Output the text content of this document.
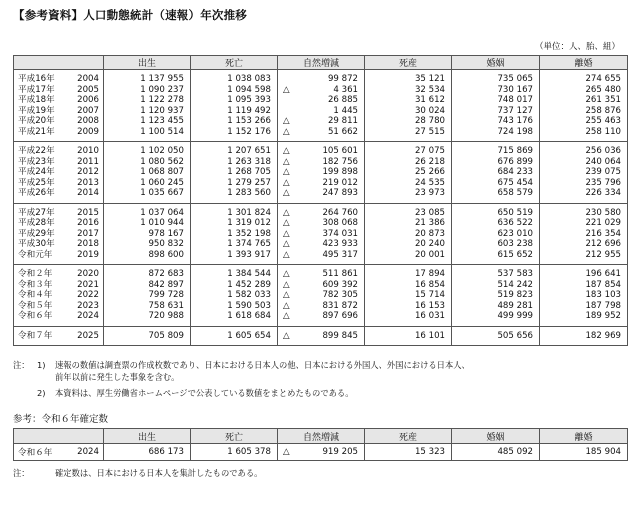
【参考資料】人口動態統計（速報）年次推移
（単位：人、胎、組）
		出生	死亡	自然増減		死産	婚姻	離婚
平成16年	2004	1 137 955	1 038 083		99 872	35 121	735 065	274 655
平成17年	2005	1 090 237	1 094 598	△	4 361	32 534	730 167	265 480
平成18年	2006	1 122 278	1 095 393		26 885	31 612	748 017	261 351
平成19年	2007	1 120 937	1 119 492		1 445	30 024	737 127	258 876
平成20年	2008	1 123 455	1 153 266	△	29 811	28 780	743 176	255 463
平成21年	2009	1 100 514	1 152 176	△	51 662	27 515	724 198	258 110
平成22年	2010	1 102 050	1 207 651	△	105 601	27 075	715 869	256 036
平成23年	2011	1 080 562	1 263 318	△	182 756	26 218	676 899	240 064
平成24年	2012	1 068 807	1 268 705	△	199 898	25 266	684 233	239 075
平成25年	2013	1 060 245	1 279 257	△	219 012	24 535	675 454	235 796
平成26年	2014	1 035 667	1 283 560	△	247 893	23 973	658 579	226 334
平成27年	2015	1 037 064	1 301 824	△	264 760	23 085	650 519	230 580
平成28年	2016	1 010 944	1 319 012	△	308 068	21 386	636 522	221 029
平成29年	2017	978 167	1 352 198	△	374 031	20 873	623 010	216 354
平成30年	2018	950 832	1 374 765	△	423 933	20 240	603 238	212 696
令和元年	2019	898 600	1 393 917	△	495 317	20 001	615 652	212 955
令和２年	2020	872 683	1 384 544	△	511 861	17 894	537 583	196 641
令和３年	2021	842 897	1 452 289	△	609 392	16 854	514 242	187 854
令和４年	2022	799 728	1 582 033	△	782 305	15 714	519 823	183 103
令和５年	2023	758 631	1 590 503	△	831 872	16 153	489 281	187 798
令和６年	2024	720 988	1 618 684	△	897 696	16 031	499 999	189 952
令和７年	2025	705 809	1 605 654	△	899 845	16 101	505 656	182 969
注： 1)	速報の数値は調査票の作成枚数であり、日本における日本人の他、日本における外国人、外国における日本人、
前年以前に発生した事象を含む。
2)	本資料は、厚生労働省ホームページで公表している数値をまとめたものである。
参考：令和６年確定数
		出生	死亡	自然増減		死産	婚姻	離婚
令和６年	2024	686 173	1 605 378	△	919 205	15 323	485 092	185 904
注：	確定数は、日本における日本人を集計したものである。
